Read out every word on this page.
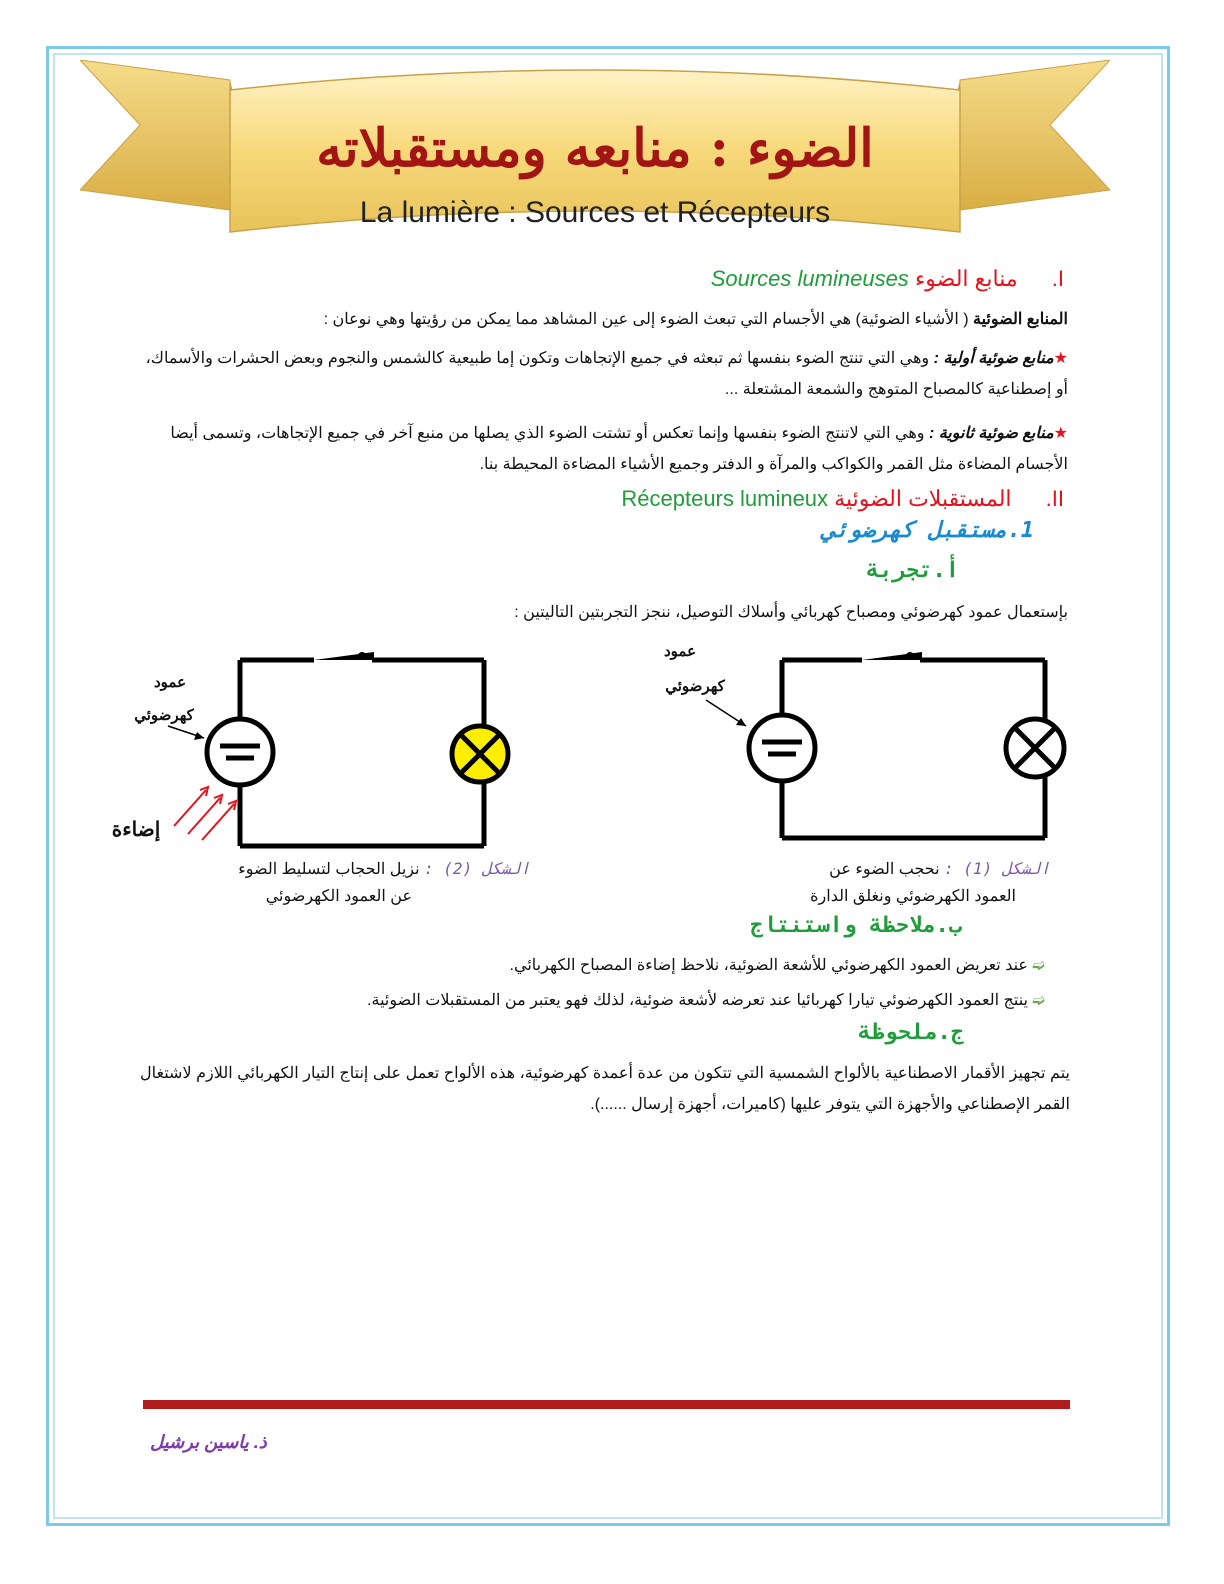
الضوء : منابعه ومستقبلاته
La lumière : Sources et Récepteurs
I. منابع الضوء Sources lumineuses
المنابع الضوئية ( الأشياء الضوئية) هي الأجسام التي تبعث الضوء إلى عين المشاهد مما يمكن من رؤيتها وهي نوعان :
★منابع ضوئية أولية : وهي التي تنتج الضوء بنفسها ثم تبعثه في جميع الإتجاهات وتكون إما طبيعية كالشمس والنجوم وبعض الحشرات والأسماك، أو إصطناعية كالمصباح المتوهج والشمعة المشتعلة ...
★منابع ضوئية ثانوية : وهي التي لاتنتج الضوء بنفسها وإنما تعكس أو تشتت الضوء الذي يصلها من منبع آخر في جميع الإتجاهات، وتسمى أيضا الأجسام المضاءة مثل القمر والكواكب والمرآة و الدفتر وجميع الأشياء المضاءة المحيطة بنا.
II. المستقبلات الضوئية Récepteurs lumineux
1.مستقبل كهرضوئي
أ.تجربة
بإستعمال عمود كهرضوئي ومصباح كهربائي وأسلاك التوصيل، ننجز التجربتين التاليتين :
عمود
كهرضوئي
عمود
كهرضوئي
إضاءة
الشكل (1) : نحجب الضوء عن
العمود الكهرضوئي ونغلق الدارة
الشكل (2) : نزيل الحجاب لتسليط الضوء
عن العمود الكهرضوئي
ب.ملاحظة واستنتاج
➫ عند تعريض العمود الكهرضوئي للأشعة الضوئية، نلاحظ إضاءة المصباح الكهربائي.
➫ ينتج العمود الكهرضوئي تيارا كهربائيا عند تعرضه لأشعة ضوئية، لذلك فهو يعتبر من المستقبلات الضوئية.
ج.ملحوظة
يتم تجهيز الأقمار الاصطناعية بالألواح الشمسية التي تتكون من عدة أعمدة كهرضوئية، هذه الألواح تعمل على إنتاج التيار الكهربائي اللازم لاشتغال القمر الإصطناعي والأجهزة التي يتوفر عليها (كاميرات، أجهزة إرسال ......).
ذ. ياسين برشيل
